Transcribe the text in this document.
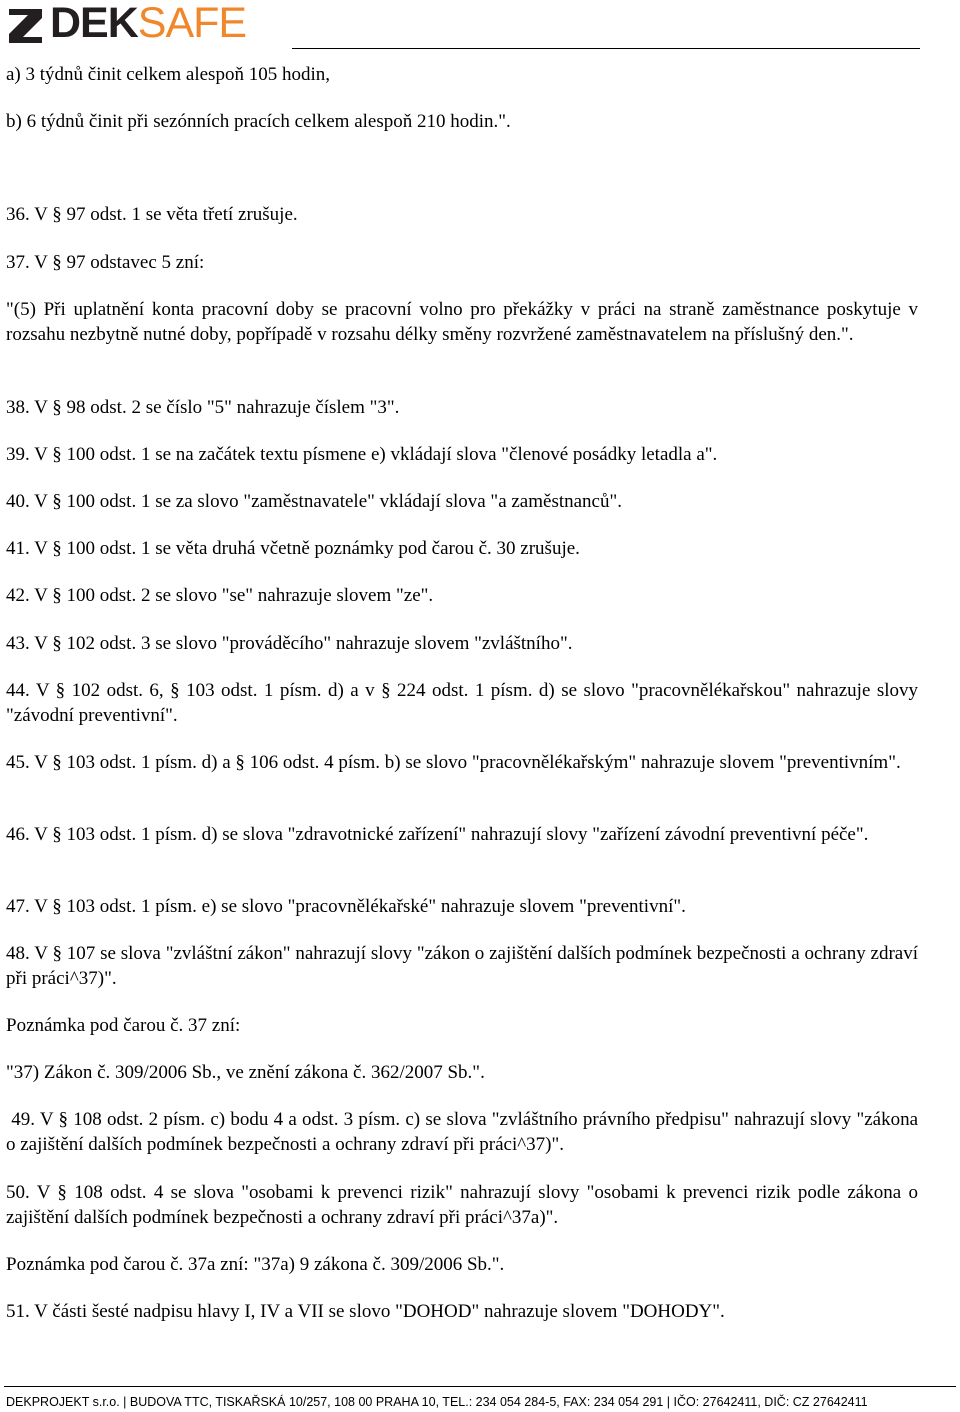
DEKSAFE

a) 3 týdnů činit celkem alespoň 105 hodin,

b) 6 týdnů činit při sezónních pracích celkem alespoň 210 hodin.".

36. V § 97 odst. 1 se věta třetí zrušuje.

37. V § 97 odstavec 5 zní:

"(5) Při uplatnění konta pracovní doby se pracovní volno pro překážky v práci na straně zaměstnance poskytuje v rozsahu nezbytně nutné doby, popřípadě v rozsahu délky směny rozvržené zaměstnavatelem na příslušný den.".

38. V § 98 odst. 2 se číslo "5" nahrazuje číslem "3".

39. V § 100 odst. 1 se na začátek textu písmene e) vkládají slova "členové posádky letadla a".

40. V § 100 odst. 1 se za slovo "zaměstnavatele" vkládají slova "a zaměstnanců".

41. V § 100 odst. 1 se věta druhá včetně poznámky pod čarou č. 30 zrušuje.

42. V § 100 odst. 2 se slovo "se" nahrazuje slovem "ze".

43. V § 102 odst. 3 se slovo "prováděcího" nahrazuje slovem "zvláštního".

44. V § 102 odst. 6, § 103 odst. 1 písm. d) a v § 224 odst. 1 písm. d) se slovo "pracovnělékařskou" nahrazuje slovy "závodní preventivní".

45. V § 103 odst. 1 písm. d) a § 106 odst. 4 písm. b) se slovo "pracovnělékařským" nahrazuje slovem "preventivním".

46. V § 103 odst. 1 písm. d) se slova "zdravotnické zařízení" nahrazují slovy "zařízení závodní preventivní péče".

47. V § 103 odst. 1 písm. e) se slovo "pracovnělékařské" nahrazuje slovem "preventivní".

48. V § 107 se slova "zvláštní zákon" nahrazují slovy "zákon o zajištění dalších podmínek bezpečnosti a ochrany zdraví při práci^37)".

Poznámka pod čarou č. 37 zní:

"37) Zákon č. 309/2006 Sb., ve znění zákona č. 362/2007 Sb.".

49. V § 108 odst. 2 písm. c) bodu 4 a odst. 3 písm. c) se slova "zvláštního právního předpisu" nahrazují slovy "zákona o zajištění dalších podmínek bezpečnosti a ochrany zdraví při práci^37)".

50. V § 108 odst. 4 se slova "osobami k prevenci rizik" nahrazují slovy "osobami k prevenci rizik podle zákona o zajištění dalších podmínek bezpečnosti a ochrany zdraví při práci^37a)".

Poznámka pod čarou č. 37a zní: "37a) 9 zákona č. 309/2006 Sb.".

51. V části šesté nadpisu hlavy I, IV a VII se slovo "DOHOD" nahrazuje slovem "DOHODY".

DEKPROJEKT s.r.o. | BUDOVA TTC, TISKAŘSKÁ 10/257, 108 00 PRAHA 10, TEL.: 234 054 284-5, FAX: 234 054 291 | IČO: 27642411, DIČ: CZ 27642411
